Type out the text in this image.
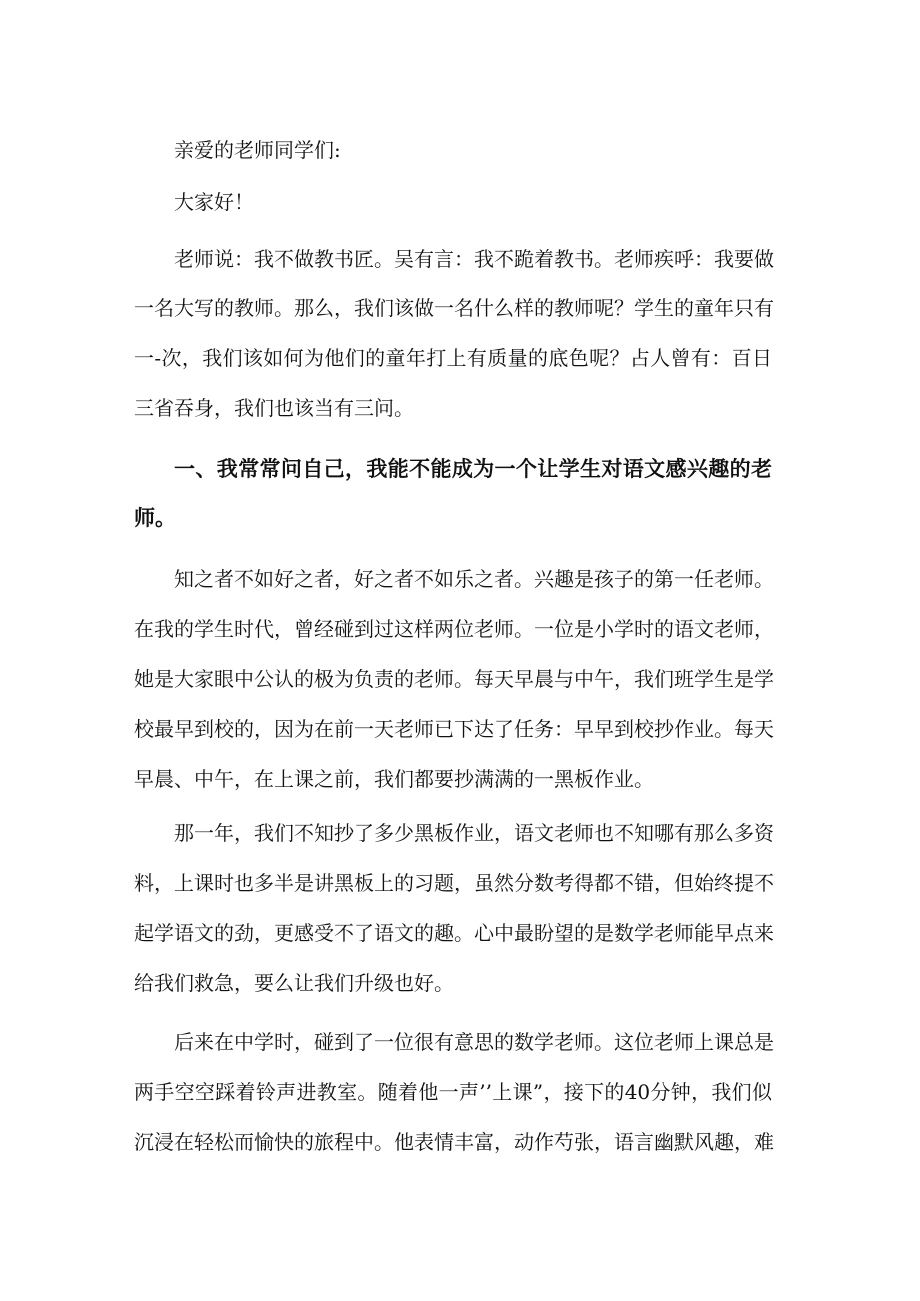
亲爱的老师同学们:

大家好！

老师说：我不做教书匠。吴有言：我不跪着教书。老师疾呼：我要做

一名大写的教师。那么，我们该做一名什么样的教师呢？学生的童年只有

一-次，我们该如何为他们的童年打上有质量的底色呢？占人曾有：百日

三省吞身，我们也该当有三问。

一、我常常问自己，我能不能成为一个让学生对语文感兴趣的老

师。

知之者不如好之者，好之者不如乐之者。兴趣是孩子的第一任老师。

在我的学生时代，曾经碰到过这样两位老师。一位是小学时的语文老师，

她是大家眼中公认的极为负责的老师。每天早晨与中午，我们班学生是学

校最早到校的，因为在前一天老师已下达了任务：早早到校抄作业。每天

早晨、中午，在上课之前，我们都要抄满满的一黑板作业。

那一年，我们不知抄了多少黑板作业，语文老师也不知哪有那么多资

料，上课时也多半是讲黑板上的习题，虽然分数考得都不错，但始终提不

起学语文的劲，更感受不了语文的趣。心中最盼望的是数学老师能早点来

给我们救急，要么让我们升级也好。

后来在中学时，碰到了一位很有意思的数学老师。这位老师上课总是

两手空空踩着铃声进教室。随着他一声’’上课”，接下的40分钟，我们似

沉浸在轻松而愉快的旅程中。他表情丰富，动作芍张，语言幽默风趣，难
